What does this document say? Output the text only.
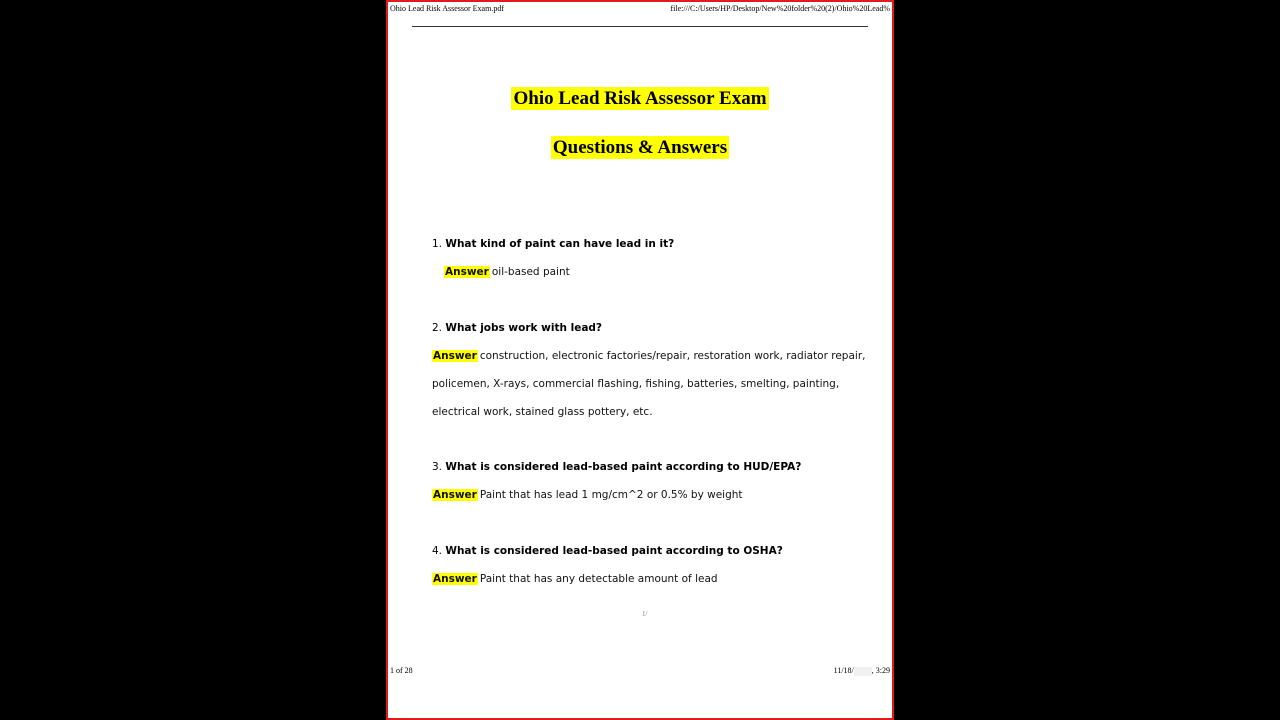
Ohio Lead Risk Assessor Exam.pdf	file:///C:/Users/HP/Desktop/New%20folder%20(2)/Ohio%20Lead%
Ohio Lead Risk Assessor Exam
Questions & Answers
1. What kind of paint can have lead in it?
Answer oil-based paint
2. What jobs work with lead?
Answer construction, electronic factories/repair, restoration work, radiator repair,
policemen, X-rays, commercial flashing, fishing, batteries, smelting, painting,
electrical work, stained glass pottery, etc.
3. What is considered lead-based paint according to HUD/EPA?
Answer Paint that has lead 1 mg/cm^2 or 0.5% by weight
4. What is considered lead-based paint according to OSHA?
Answer Paint that has any detectable amount of lead
1/
1 of 28	11/18/ , 3:29
